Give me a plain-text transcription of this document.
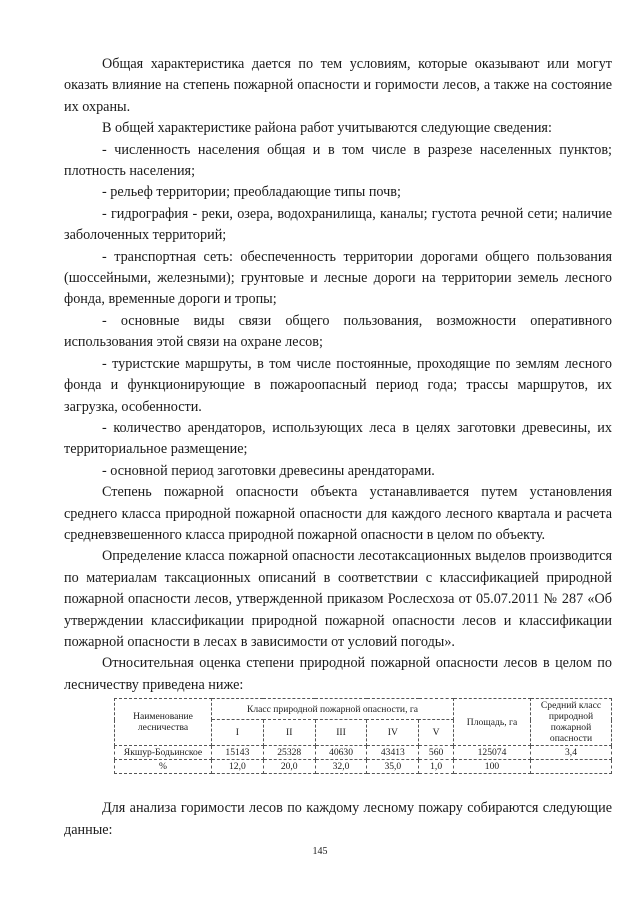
Общая характеристика дается по тем условиям, которые оказывают или могут оказать влияние на степень пожарной опасности и горимости лесов, а также на состояние их охраны.

В общей характеристике района работ учитываются следующие сведения:

- численность населения общая и в том числе в разрезе населенных пунктов; плотность населения;

- рельеф территории; преобладающие типы почв;

- гидрография - реки, озера, водохранилища, каналы; густота речной сети; наличие заболоченных территорий;

- транспортная сеть: обеспеченность территории дорогами общего пользования (шоссейными, железными); грунтовые и лесные дороги на территории земель лесного фонда, временные дороги и тропы;

- основные виды связи общего пользования, возможности оперативного использования этой связи на охране лесов;

- туристские маршруты, в том числе постоянные, проходящие по землям лесного фонда и функционирующие в пожароопасный период года; трассы маршрутов, их загрузка, особенности.

- количество арендаторов, использующих леса в целях заготовки древесины, их территориальное размещение;

- основной период заготовки древесины арендаторами.

Степень пожарной опасности объекта устанавливается путем установления среднего класса природной пожарной опасности для каждого лесного квартала и расчета средневзвешенного класса природной пожарной опасности в целом по объекту.

Определение класса пожарной опасности лесотаксационных выделов производится по материалам таксационных описаний в соответствии с классификацией природной пожарной опасности лесов, утвержденной приказом Рослесхоза от 05.07.2011 № 287 «Об утверждении классификации природной пожарной опасности лесов и классификации пожарной опасности в лесах в зависимости от условий погоды».

Относительная оценка степени природной пожарной опасности лесов в целом по лесничеству приведена ниже:

Наименование лесничества	Класс природной пожарной опасности, га					Площадь, га	Средний класс природной пожарной опасности
	I	II	III	IV	V		
Якшур-Бодьинское	15143	25328	40630	43413	560	125074	3,4
%	12,0	20,0	32,0	35,0	1,0	100	

Для анализа горимости лесов по каждому лесному пожару собираются следующие данные:

145
